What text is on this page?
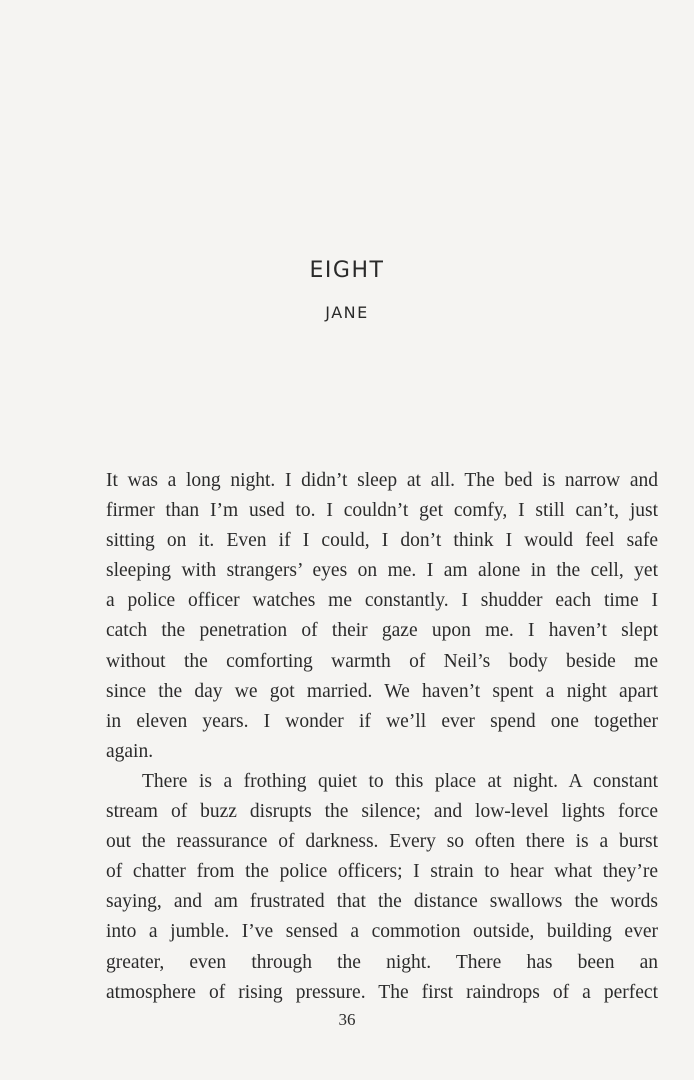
EIGHT
JANE
It was a long night. I didn’t sleep at all. The bed is narrow and
firmer than I’m used to. I couldn’t get comfy, I still can’t, just
sitting on it. Even if I could, I don’t think I would feel safe
sleeping with strangers’ eyes on me. I am alone in the cell, yet
a police officer watches me constantly. I shudder each time I
catch the penetration of their gaze upon me. I haven’t slept
without the comforting warmth of Neil’s body beside me
since the day we got married. We haven’t spent a night apart
in eleven years. I wonder if we’ll ever spend one together
again.
There is a frothing quiet to this place at night. A constant
stream of buzz disrupts the silence; and low-level lights force
out the reassurance of darkness. Every so often there is a burst
of chatter from the police officers; I strain to hear what they’re
saying, and am frustrated that the distance swallows the words
into a jumble. I’ve sensed a commotion outside, building ever
greater, even through the night. There has been an
atmosphere of rising pressure. The first raindrops of a perfect
36
